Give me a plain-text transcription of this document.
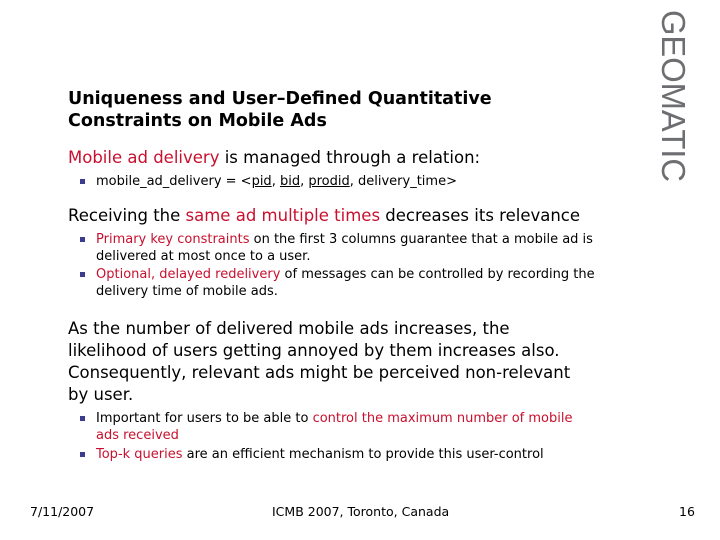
GEOMATIC
Uniqueness and User–Defined Quantitative
Constraints on Mobile Ads
Mobile ad delivery is managed through a relation:
mobile_ad_delivery = <pid, bid, prodid, delivery_time>
Receiving the same ad multiple times decreases its relevance
Primary key constraints on the first 3 columns guarantee that a mobile ad is
delivered at most once to a user.
Optional, delayed redelivery of messages can be controlled by recording the
delivery time of mobile ads.
As the number of delivered mobile ads increases, the
likelihood of users getting annoyed by them increases also.
Consequently, relevant ads might be perceived non-relevant
by user.
Important for users to be able to control the maximum number of mobile
ads received
Top-k queries are an efficient mechanism to provide this user-control
7/11/2007	ICMB 2007, Toronto, Canada	16
